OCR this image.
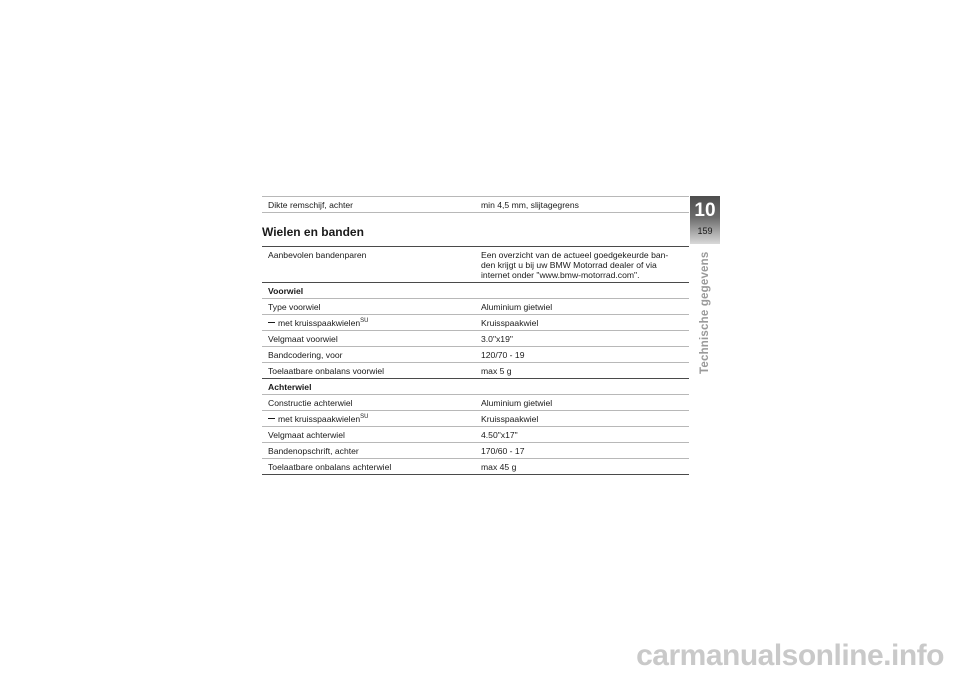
Dikte remschijf, achter	min 4,5 mm, slijtagegrens
Wielen en banden
Aanbevolen bandenparen	Een overzicht van de actueel goedgekeurde ban-
den krijgt u bij uw BMW Motorrad dealer of via
internet onder "www.bmw-motorrad.com".
Voorwiel
Type voorwiel	Aluminium gietwiel
met kruisspaakwielen$^{SU}$	Kruisspaakwiel
Velgmaat voorwiel	3.0"x19"
Bandcodering, voor	120/70 - 19
Toelaatbare onbalans voorwiel	max 5 g
Achterwiel
Constructie achterwiel	Aluminium gietwiel
met kruisspaakwielen$^{SU}$	Kruisspaakwiel
Velgmaat achterwiel	4.50"x17"
Bandenopschrift, achter	170/60 - 17
Toelaatbare onbalans achterwiel	max 45 g
10
159
Technische gegevens
carmanualsonline.info
